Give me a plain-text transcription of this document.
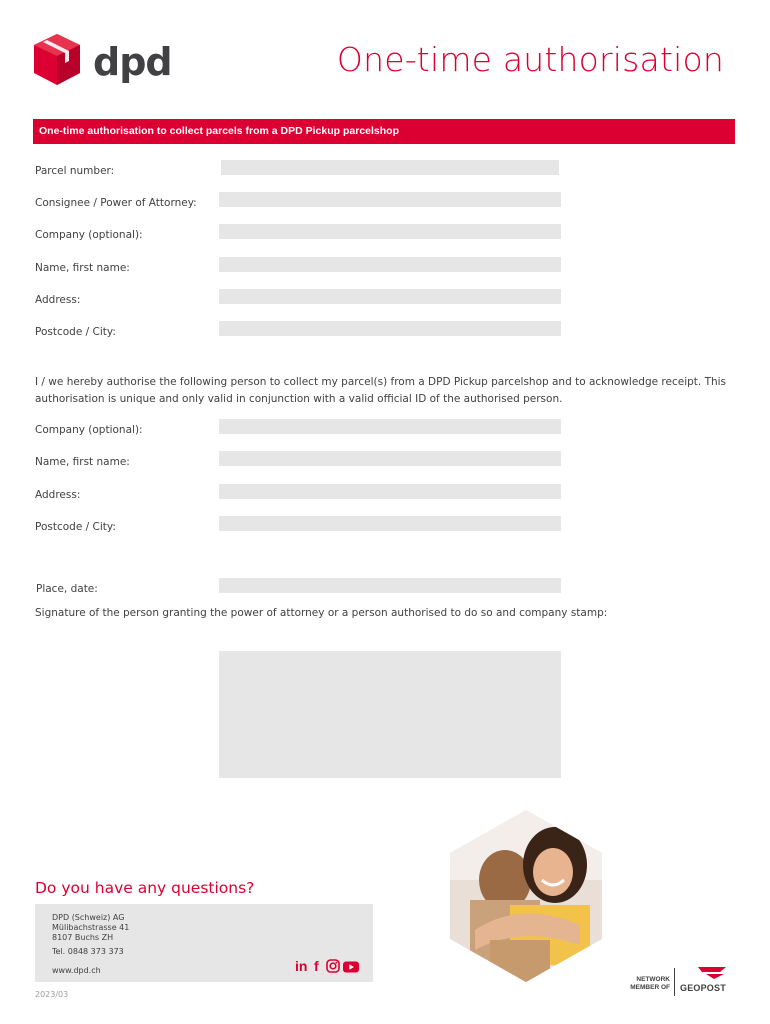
dpd	One-time authorisation
One-time authorisation to collect parcels from a DPD Pickup parcelshop
Parcel number:
Consignee / Power of Attorney:
Company (optional):
Name, first name:
Address:
Postcode / City:
I / we hereby authorise the following person to collect my parcel(s) from a DPD Pickup parcelshop and to acknowledge receipt. This authorisation is unique and only valid in conjunction with a valid official ID of the authorised person.
Company (optional):
Name, first name:
Address:
Postcode / City:
Place, date:
Signature of the person granting the power of attorney or a person authorised to do so and company stamp:
Do you have any questions?
DPD (Schweiz) AG
Mülibachstrasse 41
8107 Buchs ZH
Tel. 0848 373 373
www.dpd.ch	in f
2023/03
NETWORK
MEMBER OF GEOPOST
